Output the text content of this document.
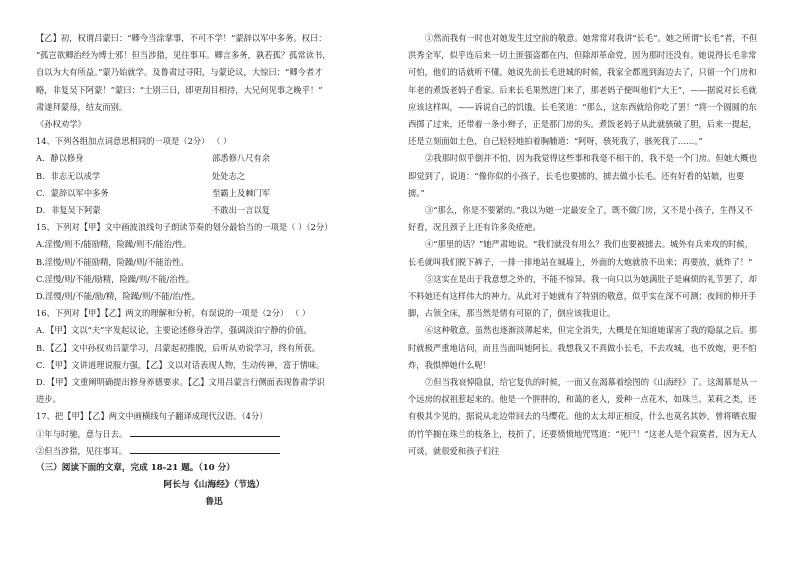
【乙】初，权谓吕蒙曰：“卿今当涂掌事，不可不学！”蒙辞以军中多务。权曰：

“孤岂欲卿治经为博士邪！但当涉猎，见往事耳。卿言多务，孰若孤？孤常读书，

自以为大有所益。”蒙乃始就学。及鲁肃过寻阳，与蒙论议，大惊曰：“卿今者才

略，非复吴下阿蒙！”蒙曰：“士别三日，即更刮目相待，大兄何见事之晚乎！”

肃遂拜蒙母，结友而别。

《孙权劝学》

14、下列各组加点词意思相同的一项是（2分） （ ）

A．静以修身	部悉修八尺有余
B．非志无以成学	处处志之
C．蒙辞以军中多务	至霸上及棘门军
D．非复吴下阿蒙	不敢出一言以复

15、下列对【甲】文中画波浪线句子朗读节奏的划分最恰当的一项是（ ）（2分）

A.淫慢/则不/能励精，险躁/则不/能治/性。

B.淫慢/则/不能励精，险躁/则/不能治性。

C.淫慢/则/不能/励精，险躁/则/不能/治性。

D.淫慢/则/不能/励/精，险躁/则/不能/治/性。

16、下列对【甲】【乙】两文的理解和分析，有误说的一项是（2分） （ ）

A．【甲】文以“夫”字发起议论，主要论述修身治学，强调淡泊宁静的价值。

B．【乙】文中孙权劝吕蒙学习，吕蒙起初推脱，后听从劝说学习，终有所获。

C．【甲】文讲道理说服力强，【乙】文以对话表现人物，生动传神，富于情味。

D．【甲】文重阐明确提出修身养德要求。【乙】文用吕蒙言行侧面表现鲁肃学识

进步。

17、把【甲】【乙】两文中画横线句子翻译成现代汉语。（4分）

①年与时驰，意与日去。

②但当涉猎，见往事耳。

（三）阅读下面的文章，完成 18-21 题。（10 分）

阿长与《山海经》（节选）

鲁迅

①然而我有一时也对她发生过空前的敬意。她常常对我讲“长毛”。她之所谓“长毛”者，不但洪秀全军，似乎连后来一切土匪强盗都在内，但除却革命党，因为那时还没有。她说得长毛非常可怕，他们的话就听不懂。她说先前长毛进城的时候，我家全都逃到海边去了，只留一个门房和年老的煮饭老妈子看家。后来长毛果然进门来了，那老妈子便叫他们“大王”，——据说对长毛就应该这样叫，——诉说自己的饥饿。长毛笑道：“那么，这东西就给你吃了罢！”将一个圆圆的东西掷了过来，还带着一条小辫子，正是那门房的头。煮饭老妈子从此就骇破了胆，后来一提起，还是立刻面如土色，自己轻轻地拍着胸脯道：“阿呀，骇死我了，骇死我了……。”

②我那时似乎倒并不怕，因为我觉得这些事和我毫不相干的，我不是一个门房。但她大概也即觉到了，说道：“像你似的小孩子，长毛也要掳的，掳去做小长毛。还有好看的姑娘，也要掳。”

③“那么，你是不要紧的。”我以为她一定最安全了，既不做门房，又不是小孩子，生得又不好看，况且颈子上还有许多灸疮疤。

④“那里的话？”她严肃地说。“我们就没有用么？我们也要被掳去。城外有兵来攻的时候，长毛就叫我们脱下裤子，一排一排地站在城墙上，外面的大炮就放不出来；再要放，就炸了！”

⑤这实在是出于我意想之外的，不能不惊异。我一向只以为她满肚子是麻烦的礼节罢了，却不料她还有这样伟大的神力。从此对于她就有了特别的敬意，似乎实在深不可测；夜间的伸开手脚，占领全床，那当然是情有可原的了，倒应该我退让。

⑥这种敬意，虽然也逐渐淡薄起来，但完全消失，大概是在知道她谋害了我的隐鼠之后。那时就极严重地诘问，而且当面叫她阿长。我想我又不真做小长毛，不去攻城，也不放炮，更不怕炸，我惧惮她什么呢！

⑦但当我哀悼隐鼠，给它复仇的时候，一面又在渴慕着绘图的《山海经》了。这渴慕是从一个远房的叔祖惹起来的。他是一个胖胖的，和蔼的老人，爱种一点花木，如珠兰、茉莉之类，还有极其少见的，据说从北边带回去的马缨花。他的太太却正相反，什么也莫名其妙，曾将晒衣服的竹竿搁在珠兰的枝条上，枝折了，还要愤愤地咒骂道：“死尸！”这老人是个寂寞者，因为无人可谈，就很爱和孩子们往
